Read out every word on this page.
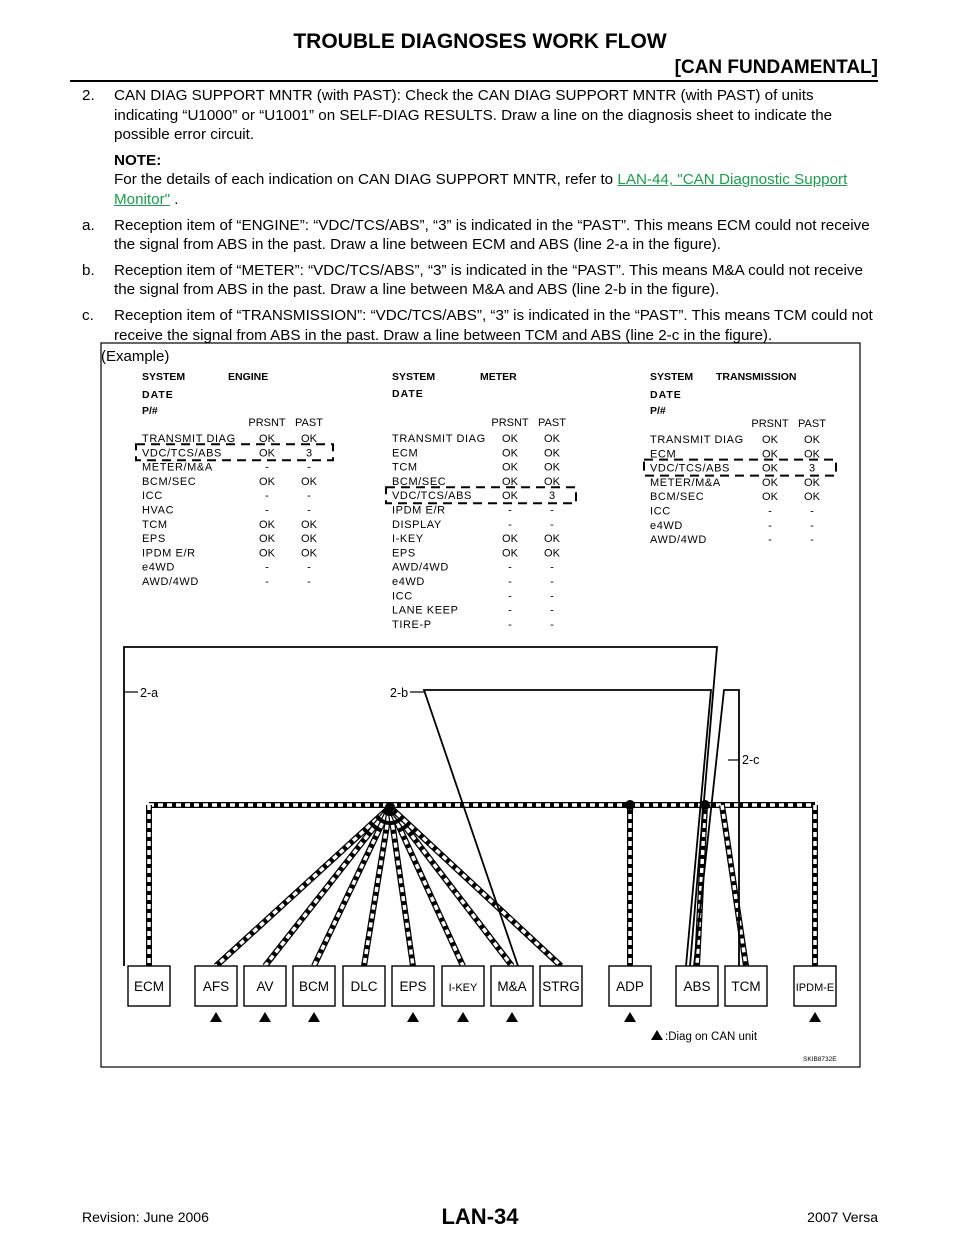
TROUBLE DIAGNOSES WORK FLOW
[CAN FUNDAMENTAL]
2. CAN DIAG SUPPORT MNTR (with PAST): Check the CAN DIAG SUPPORT MNTR (with PAST) of units indicating “U1000” or “U1001” on SELF-DIAG RESULTS. Draw a line on the diagnosis sheet to indicate the possible error circuit.
NOTE:
For the details of each indication on CAN DIAG SUPPORT MNTR, refer to LAN-44, "CAN Diagnostic Support Monitor" .
a. Reception item of “ENGINE”: “VDC/TCS/ABS”, “3” is indicated in the “PAST”. This means ECM could not receive the signal from ABS in the past. Draw a line between ECM and ABS (line 2-a in the figure).
b. Reception item of “METER”: “VDC/TCS/ABS”, “3” is indicated in the “PAST”. This means M&A could not receive the signal from ABS in the past. Draw a line between M&A and ABS (line 2-b in the figure).
c. Reception item of “TRANSMISSION”: “VDC/TCS/ABS”, “3” is indicated in the “PAST”. This means TCM could not receive the signal from ABS in the past. Draw a line between TCM and ABS (line 2-c in the figure).
(Example)
SKIB8732E
SYSTEM	ENGINE
DATE
P/#
PRSNT PAST
TRANSMIT DIAG OK OK
VDC/TCS/ABS	OK	3
METER/M&A	-	-
BCM/SEC	OK OK
ICC	-	-
HVAC	-	-
TCM	OK OK
EPS	OK OK
IPDM E/R	OK OK
e4WD	-	-
AWD/4WD	-	-
SYSTEM	METER
DATE
PRSNT PAST
TRANSMIT DIAG OK OK
ECM	OK OK
TCM	OK OK
BCM/SEC	OK OK
VDC/TCS/ABS	OK	3
IPDM E/R	-	-
DISPLAY	-	-
I-KEY	OK OK
EPS	OK OK
AWD/4WD	-	-
e4WD	-	-
ICC	-	-
LANE KEEP	-	-
TIRE-P	-	-
SYSTEM TRANSMISSION
DATE
P/#
PRSNT PAST
TRANSMIT DIAG OK OK
ECM	OK OK
VDC/TCS/ABS	OK	3
METER/M&A	OK OK
BCM/SEC	OK OK
ICC	-	-
e4WD	-	-
AWD/4WD	-	-
2-a	2-b
2-c
ECM	AFS AV BCM DLC EPS I-KEY M&A STRG	ADP	ABS TCM	IPDM-E
:Diag on CAN unit
Revision: June 2006	LAN-34	2007 Versa
